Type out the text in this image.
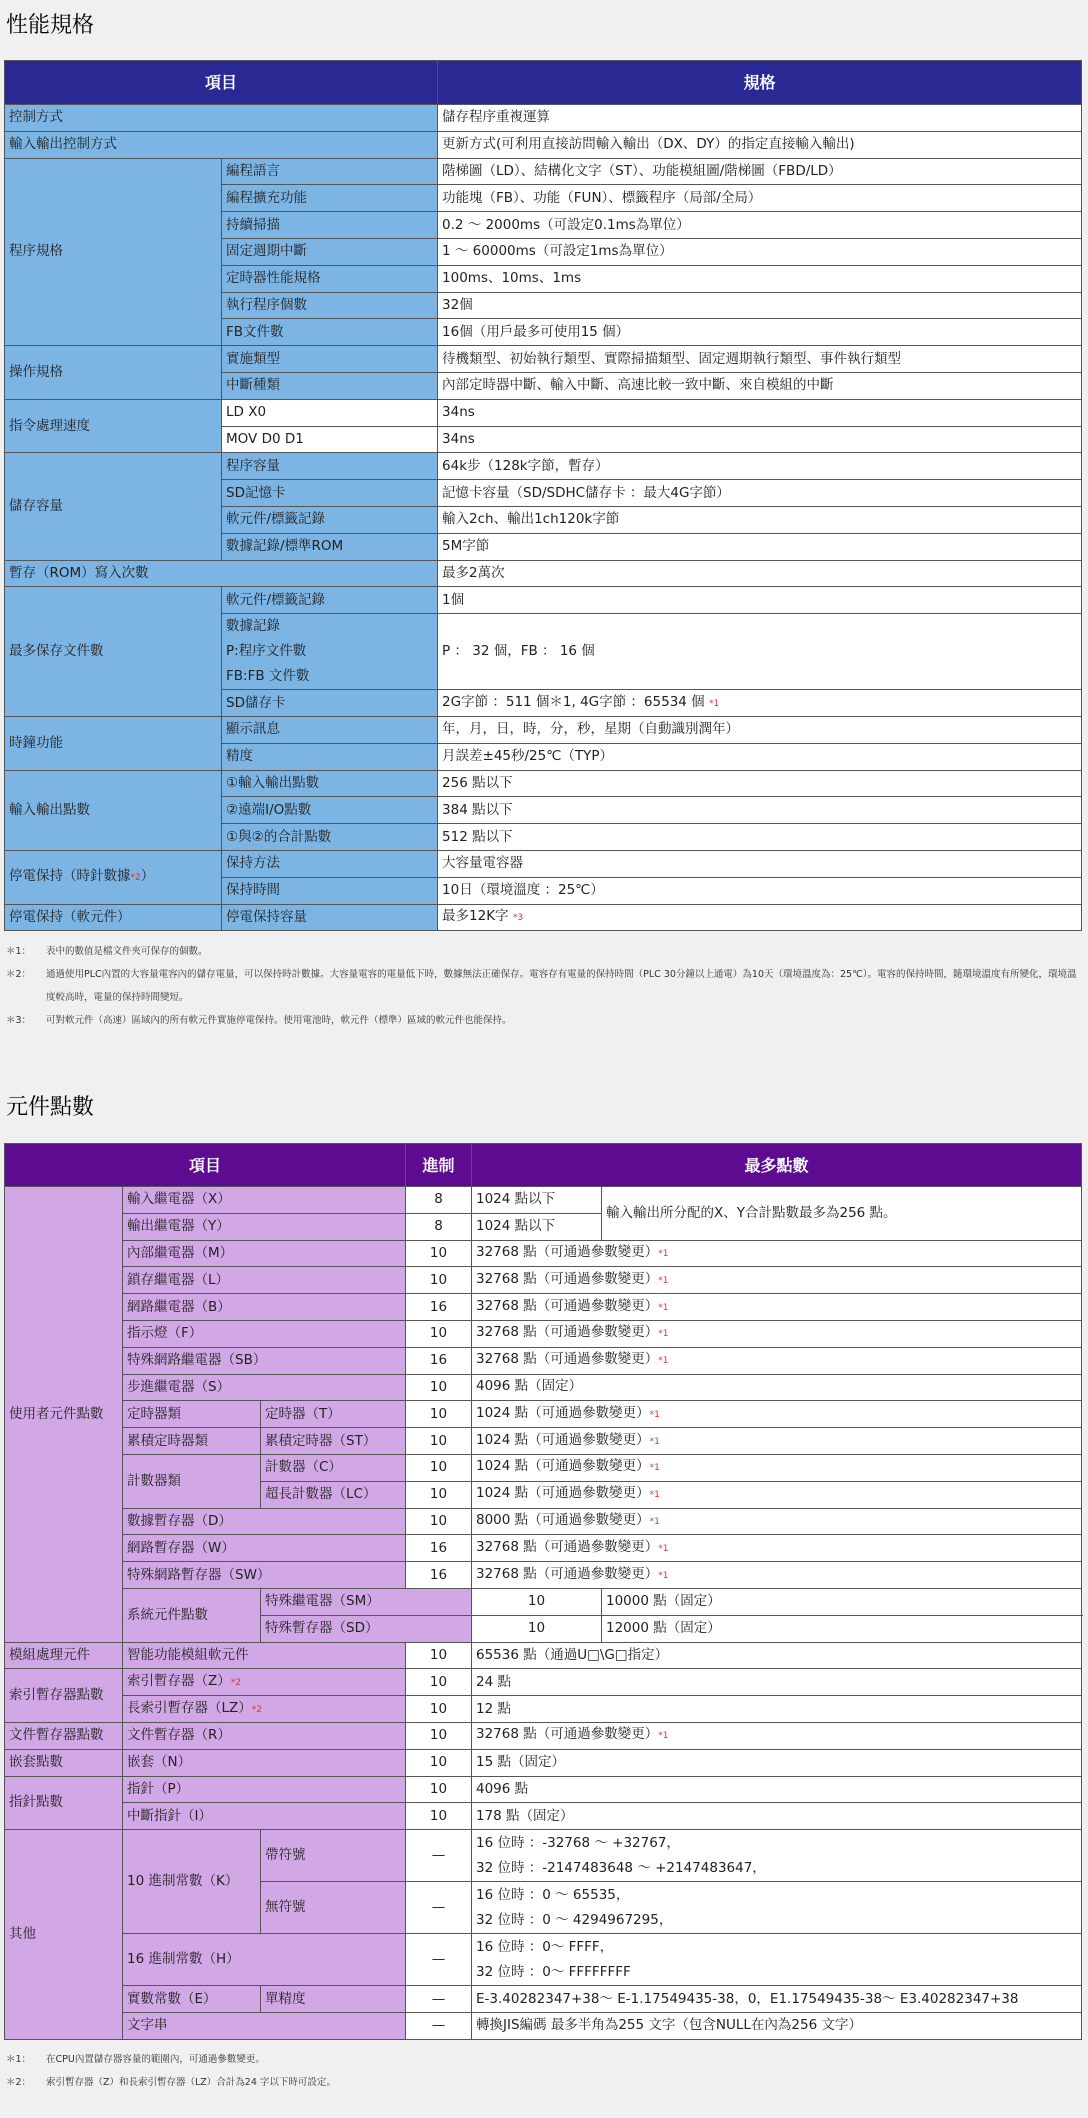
性能規格
項目		規格
控制方式		儲存程序重複運算
輸入輸出控制方式		更新方式(可利用直接訪問輸入輸出（DX、DY）的指定直接輸入輸出)
程序規格	編程語言	階梯圖（LD）、結構化文字（ST）、功能模組圖/階梯圖（FBD/LD）
	編程擴充功能	功能塊（FB）、功能（FUN）、標籤程序（局部/全局）
	持續掃描	0.2 ～ 2000ms（可設定0.1ms為單位）
	固定週期中斷	1 ～ 60000ms（可設定1ms為單位）
	定時器性能規格	100ms、10ms、1ms
	執行程序個數	32個
	FB文件數	16個（用戶最多可使用15 個）
操作規格	實施類型	待機類型、初始執行類型、實際掃描類型、固定週期執行類型、事件執行類型
	中斷種類	內部定時器中斷、輸入中斷、高速比較一致中斷、來自模組的中斷
指令處理速度	LD X0	34ns
	MOV D0 D1	34ns
儲存容量	程序容量	64k步（128k字節，暫存）
	SD記憶卡	記憶卡容量（SD/SDHC儲存卡 ：最大4G字節）
	軟元件/標籤記錄	輸入2ch、輸出1ch120k字節
	數據記錄/標準ROM	5M字節
暫存（ROM）寫入次數		最多2萬次
最多保存文件數	軟元件/標籤記錄	1個

	數據記錄
P:程序文件數
FB:FB 文件數	P ： 32 個，FB ： 16 個
	SD儲存卡	2G字節 ：511 個＊1, 4G字節 ：65534 個 *1
時鐘功能	顯示訊息	年，月，日，時，分，秒，星期（自動識別潤年）
	精度	月誤差±45秒/25℃（TYP）
輸入輸出點數	①輸入輸出點數	256 點以下
	②遠端I/O點數	384 點以下
	①與②的合計點數	512 點以下
停電保持（時針數據*2）	保持方法	大容量電容器
	保持時間	10日（環境溫度 ：25℃）
停電保持（軟元件）	停電保持容量	最多12K字 *3
＊1：	表中的數值是檔文件夾可保存的個數。
＊2：	通過使用PLC內置的大容量電容內的儲存電量，可以保持時計數據。大容量電容的電量低下時，數據無法正確保存。電容存有電量的保持時間（PLC 30分鐘以上通電）為10天（環境溫度為：25℃）。電容的保持時間，隨環境溫度有所變化，環境溫度較高時，電量的保持時間變短。
＊3：	可對軟元件（高速）區域內的所有軟元件實施停電保持。使用電池時，軟元件（標準）區域的軟元件也能保持。
元件點數
項目			進制	最多點數	
使用者元件點數	輸入繼電器（X）		8	1024 點以下	輸入輸出所分配的X、Y合計點數最多為256 點。
	輸出繼電器（Y）		8	1024 點以下	
	內部繼電器（M）		10	32768 點（可通過參數變更）*1	
	鎖存繼電器（L）		10	32768 點（可通過參數變更）*1	
	網路繼電器（B）		16	32768 點（可通過參數變更）*1	
	指示燈（F）		10	32768 點（可通過參數變更）*1	
	特殊網路繼電器（SB）		16	32768 點（可通過參數變更）*1	
	步進繼電器（S）		10	4096 點（固定）	
	定時器類	定時器（T）	10	1024 點（可通過參數變更）*1	
	累積定時器類	累積定時器（ST）	10	1024 點（可通過參數變更）*1	
	計數器類	計數器（C）	10	1024 點（可通過參數變更）*1	
		超長計數器（LC）	10	1024 點（可通過參數變更）*1	
	數據暫存器（D）		10	8000 點（可通過參數變更）*1	
	網路暫存器（W）		16	32768 點（可通過參數變更）*1	
	特殊網路暫存器（SW）		16	32768 點（可通過參數變更）*1	
	系統元件點數	特殊繼電器（SM）		10	10000 點（固定）
		特殊暫存器（SD）		10	12000 點（固定）
模組處理元件	智能功能模組軟元件		10	65536 點（通過U□\G□指定）	
索引暫存器點數	索引暫存器（Z）*2		10	24 點	
	長索引暫存器（LZ）*2		10	12 點	
文件暫存器點數	文件暫存器（R）		10	32768 點（可通過參數變更）*1	
嵌套點數	嵌套（N）		10	15 點（固定）	
指針點數	指針（P）		10	4096 點	
	中斷指針（I）		10	178 點（固定）	
其他	10 進制常數（K）	帶符號	—	16 位時 ：-32768 ～ +32767，
32 位時 ：-2147483648 ～ +2147483647，	

		無符號	—	16 位時 ：0 ～ 65535，
32 位時 ：0 ～ 4294967295，	

	16 進制常數（H）		—	16 位時 ：0～ FFFF，
32 位時 ：0～ FFFFFFFF	

	實數常數（E）	單精度	—	E-3.40282347+38～ E-1.17549435-38，0，E1.17549435-38～ E3.40282347+38	
	文字串		—	轉換JIS編碼 最多半角為255 文字（包含NULL在內為256 文字）	
＊1：	在CPU內置儲存器容量的範圍內，可通過參數變更。
＊2：	索引暫存器（Z）和長索引暫存器（LZ）合計為24 字以下時可設定。
